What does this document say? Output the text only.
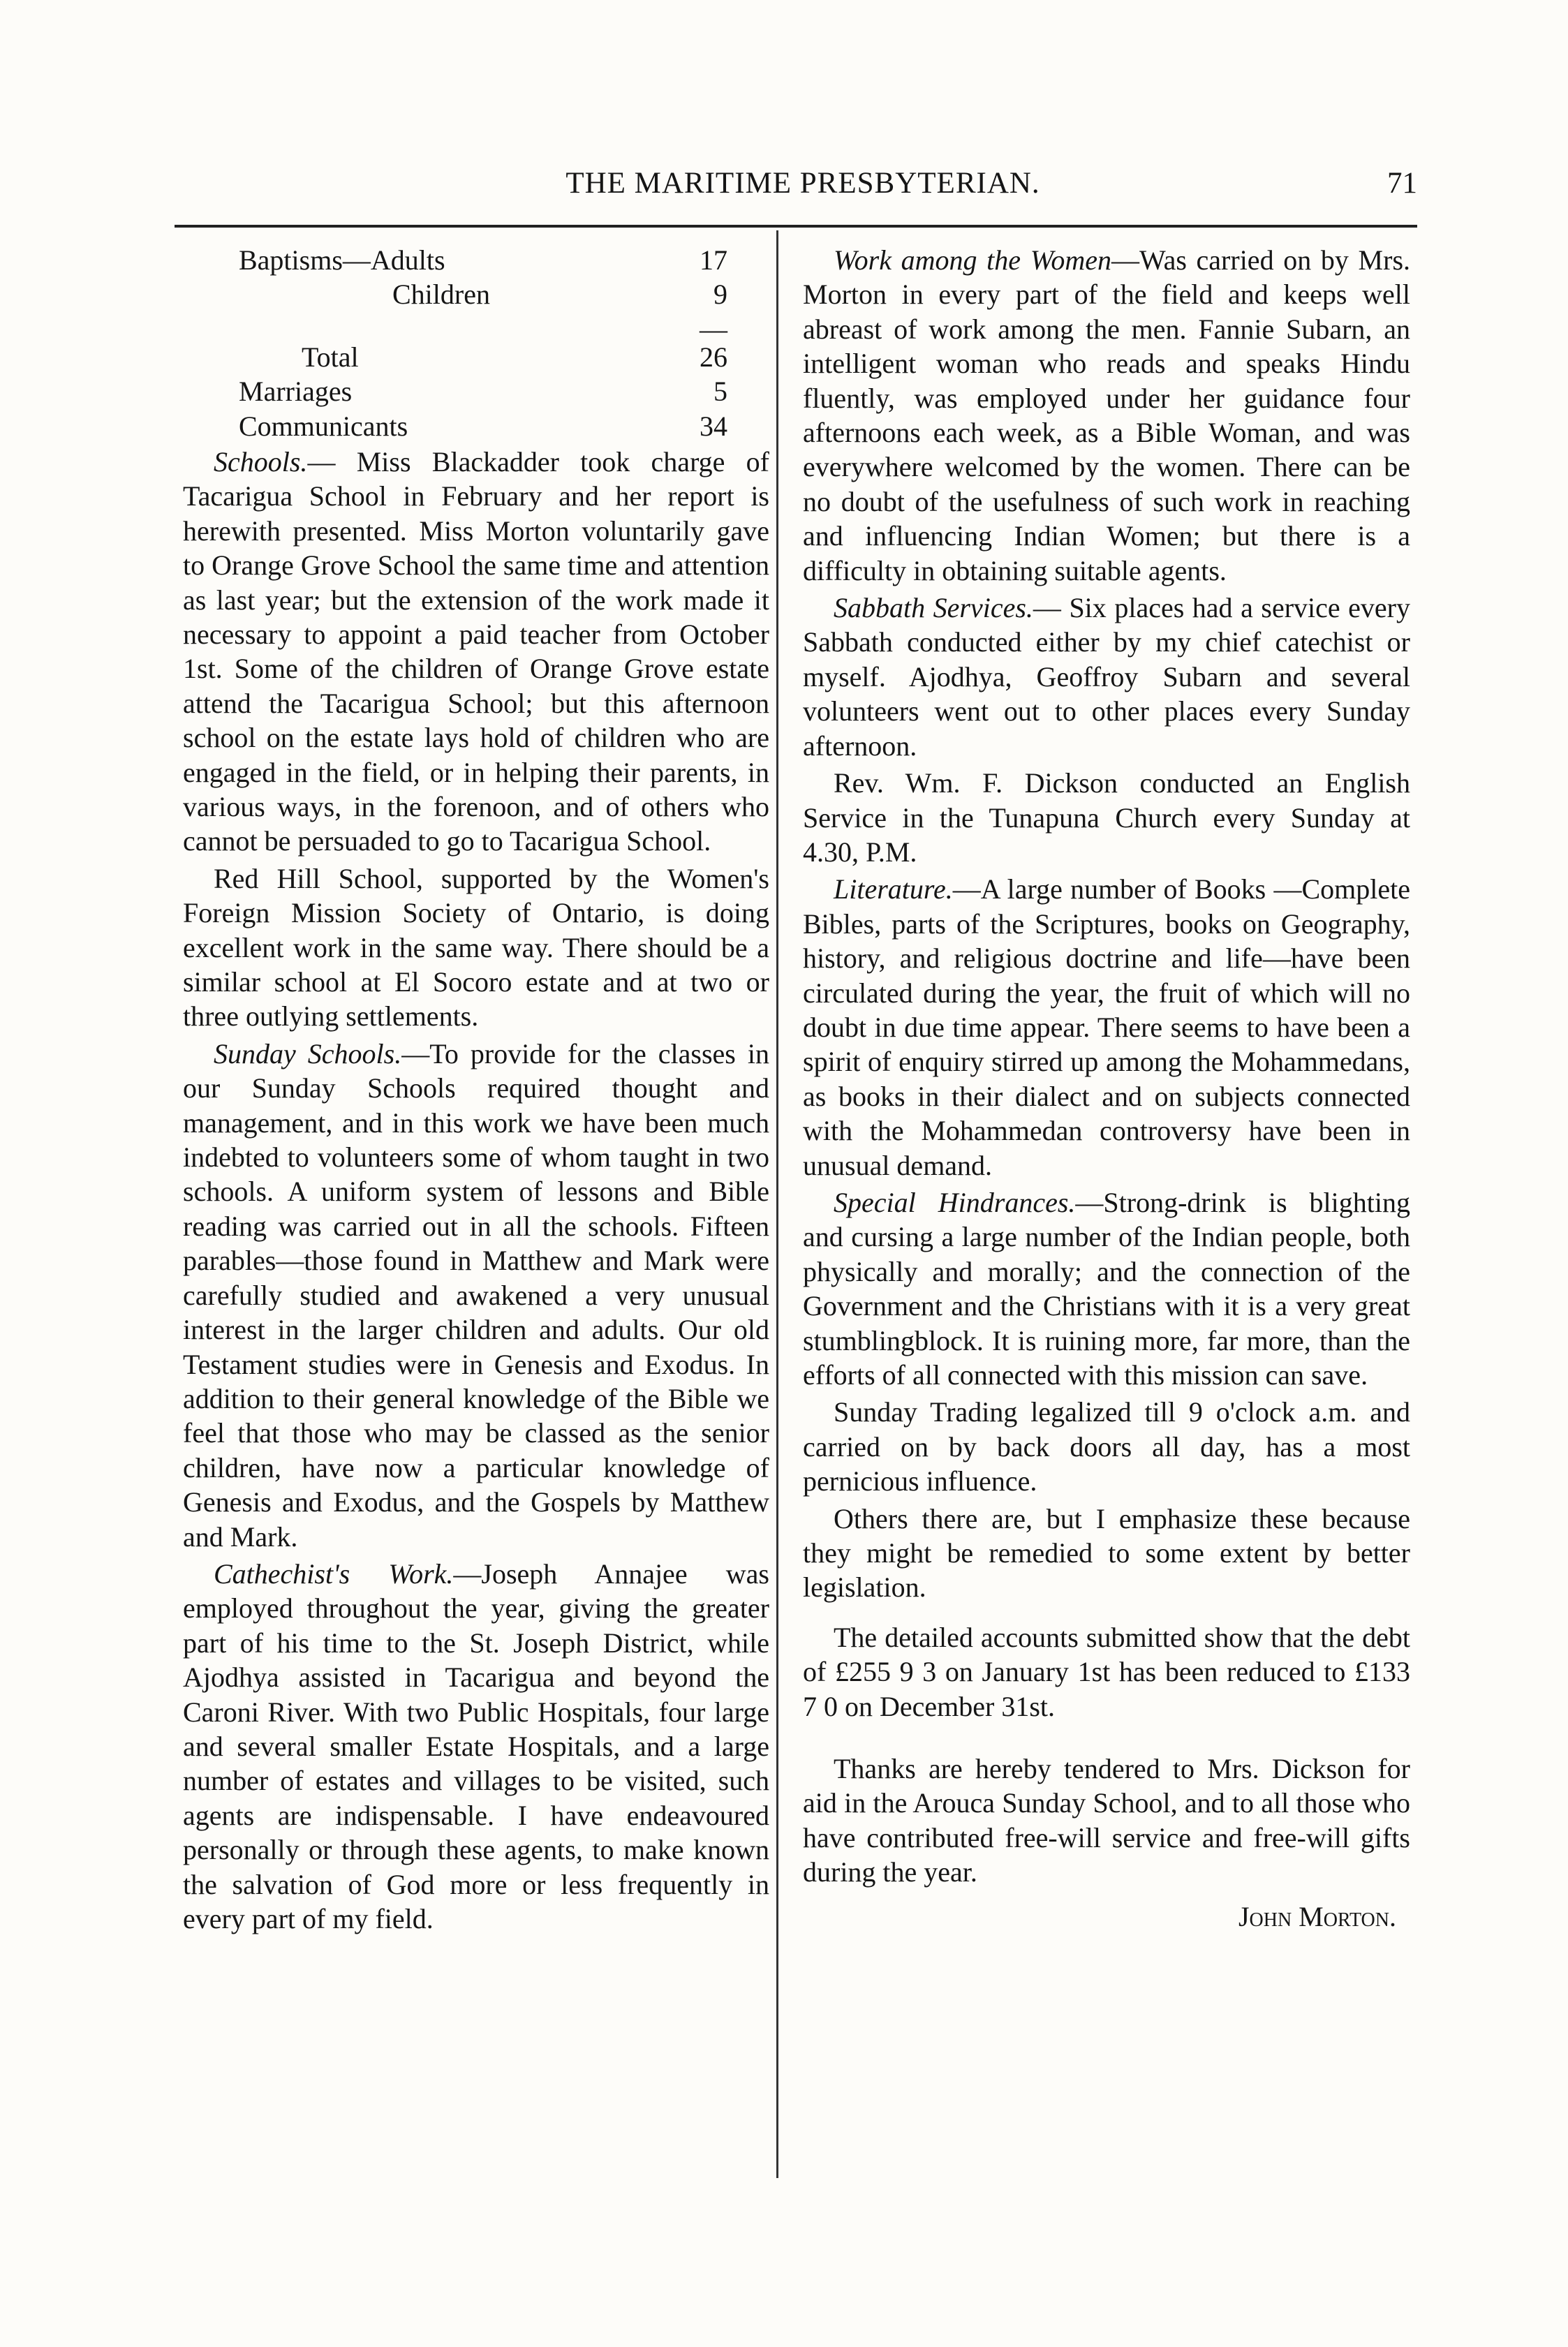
THE MARITIME PRESBYTERIAN.	71
Baptisms—Adults	17
Children	9
—
Total	26
Marriages	5
Communicants	34

Schools.— Miss Blackadder took charge of Tacarigua School in February and her report is herewith presented. Miss Morton voluntarily gave to Orange Grove School the same time and attention as last year; but the extension of the work made it necessary to appoint a paid teacher from October 1st. Some of the children of Orange Grove estate attend the Tacarigua School; but this afternoon school on the estate lays hold of children who are engaged in the field, or in helping their parents, in various ways, in the forenoon, and of others who cannot be persuaded to go to Tacarigua School.

Red Hill School, supported by the Women's Foreign Mission Society of Ontario, is doing excellent work in the same way. There should be a similar school at El Socoro estate and at two or three outlying settlements.

Sunday Schools.—To provide for the classes in our Sunday Schools required thought and management, and in this work we have been much indebted to volunteers some of whom taught in two schools. A uniform system of lessons and Bible reading was carried out in all the schools. Fifteen parables—those found in Matthew and Mark were carefully studied and awakened a very unusual interest in the larger children and adults. Our old Testament studies were in Genesis and Exodus. In addition to their general knowledge of the Bible we feel that those who may be classed as the senior children, have now a particular knowledge of Genesis and Exodus, and the Gospels by Matthew and Mark.

Cathechist's Work.—Joseph Annajee was employed throughout the year, giving the greater part of his time to the St. Joseph District, while Ajodhya assisted in Tacarigua and beyond the Caroni River. With two Public Hospitals, four large and several smaller Estate Hospitals, and a large number of estates and villages to be visited, such agents are indispensable. I have endeavoured personally or through these agents, to make known the salvation of God more or less frequently in every part of my field.

Work among the Women—Was carried on by Mrs. Morton in every part of the field and keeps well abreast of work among the men. Fannie Subarn, an intelligent woman who reads and speaks Hindu fluently, was employed under her guidance four afternoons each week, as a Bible Woman, and was everywhere welcomed by the women. There can be no doubt of the usefulness of such work in reaching and influencing Indian Women; but there is a difficulty in obtaining suitable agents.

Sabbath Services.— Six places had a service every Sabbath conducted either by my chief catechist or myself. Ajodhya, Geoffroy Subarn and several volunteers went out to other places every Sunday afternoon.

Rev. Wm. F. Dickson conducted an English Service in the Tunapuna Church every Sunday at 4.30, P.M.

Literature.—A large number of Books —Complete Bibles, parts of the Scriptures, books on Geography, history, and religious doctrine and life—have been circulated during the year, the fruit of which will no doubt in due time appear. There seems to have been a spirit of enquiry stirred up among the Mohammedans, as books in their dialect and on subjects connected with the Mohammedan controversy have been in unusual demand.

Special Hindrances.—Strong-drink is blighting and cursing a large number of the Indian people, both physically and morally; and the connection of the Government and the Christians with it is a very great stumblingblock. It is ruining more, far more, than the efforts of all connected with this mission can save.

Sunday Trading legalized till 9 o'clock a.m. and carried on by back doors all day, has a most pernicious influence.

Others there are, but I emphasize these because they might be remedied to some extent by better legislation.

The detailed accounts submitted show that the debt of £255 9 3 on January 1st has been reduced to £133 7 0 on December 31st.

Thanks are hereby tendered to Mrs. Dickson for aid in the Arouca Sunday School, and to all those who have contributed free-will service and free-will gifts during the year.

John Morton.
